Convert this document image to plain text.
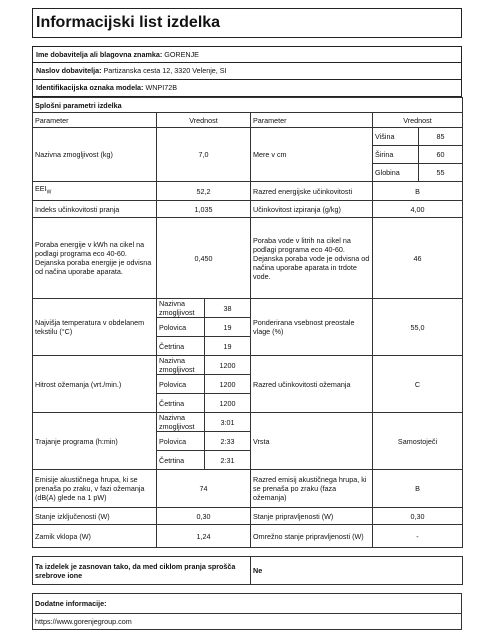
Informacijski list izdelka
Ime dobavitelja ali blagovna znamka: GORENJE
Naslov dobavitelja: Partizanska cesta 12, 3320 Velenje, SI
Identifikacijska oznaka modela: WNPI72B
Splošni parametri izdelka					
Parameter	Vrednost		Parameter	Vrednost	
Nazivna zmogljivost (kg)	7,0		Mere v cm	Višina	85
				Širina	60
				Globina	55
$EEI_W$	52,2		Razred energijske učinkovitosti	B	
Indeks učinkovitosti pranja	1,035		Učinkovitost izpiranja (g/kg)	4,00	
Poraba energije v kWh na cikel na podlagi programa eco 40-60. Dejanska poraba energije je odvisna od načina uporabe aparata.	0,450		Poraba vode v litrih na cikel na podlagi programa eco 40-60. Dejanska poraba vode je odvisna od načina uporabe aparata in trdote vode.	46	
Najvišja temperatura v obdelanem tekstilu (°C)	Nazivna zmogljivost	38	Ponderirana vsebnost preostale vlage (%)	55,0	
	Polovica	19			
	Četrtina	19			
Hitrost ožemanja (vrt./min.)	Nazivna zmogljivost	1200	Razred učinkovitosti ožemanja	C	
	Polovica	1200			
	Četrtina	1200			
Trajanje programa (h:min)	Nazivna zmogljivost	3:01	Vrsta	Samostoječi	
	Polovica	2:33			
	Četrtina	2:31			
Emisije akustičnega hrupa, ki se prenaša po zraku, v fazi ožemanja (dB(A) glede na 1 pW)	74		Razred emisij akustičnega hrupa, ki se prenaša po zraku (faza ožemanja)	B	
Stanje izključenosti (W)	0,30		Stanje pripravljenosti (W)	0,30	
Zamik vklopa (W)	1,24		Omrežno stanje pripravljenosti (W)	-	
Ta izdelek je zasnovan tako, da med ciklom pranja sprošča srebrove ione	Ne
Dodatne informacije:
https://www.gorenjegroup.com
